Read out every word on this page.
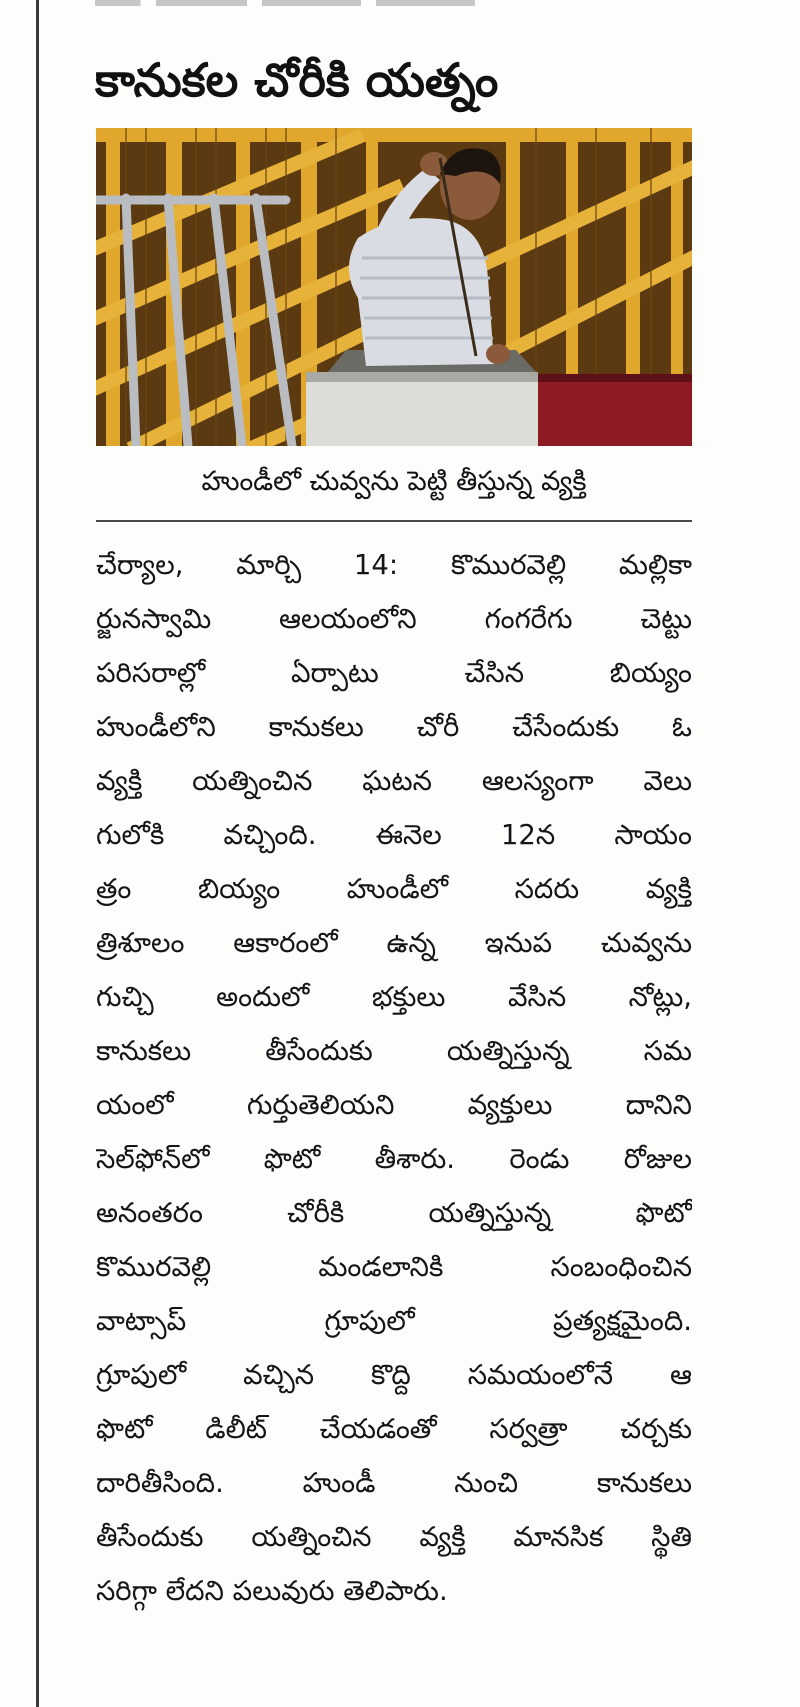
కానుకల చోరీకి యత్నం
హుండీలో చువ్వను పెట్టి తీస్తున్న వ్యక్తి
చేర్యాల, మార్చి 14: కొమురవెల్లి మల్లికా
ర్జునస్వామి ఆలయంలోని గంగరేగు చెట్టు
పరిసరాల్లో ఏర్పాటు చేసిన బియ్యం
హుండీలోని కానుకలు చోరీ చేసేందుకు ఓ
వ్యక్తి యత్నించిన ఘటన ఆలస్యంగా వెలు
గులోకి వచ్చింది. ఈనెల 12న సాయం
త్రం బియ్యం హుండీలో సదరు వ్యక్తి
త్రిశూలం ఆకారంలో ఉన్న ఇనుప చువ్వను
గుచ్చి అందులో భక్తులు వేసిన నోట్లు,
కానుకలు తీసేందుకు యత్నిస్తున్న సమ
యంలో గుర్తుతెలియని వ్యక్తులు దానిని
సెల్‌ఫోన్‌లో ఫొటో తీశారు. రెండు రోజుల
అనంతరం చోరీకి యత్నిస్తున్న ఫొటో
కొమురవెల్లి మండలానికి సంబంధించిన
వాట్సాప్ గ్రూపులో ప్రత్యక్షమైంది.
గ్రూపులో వచ్చిన కొద్ది సమయంలోనే ఆ
ఫొటో డిలీట్ చేయడంతో సర్వత్రా చర్చకు
దారితీసింది. హుండీ నుంచి కానుకలు
తీసేందుకు యత్నించిన వ్యక్తి మానసిక స్థితి
సరిగ్గా లేదని పలువురు తెలిపారు.
